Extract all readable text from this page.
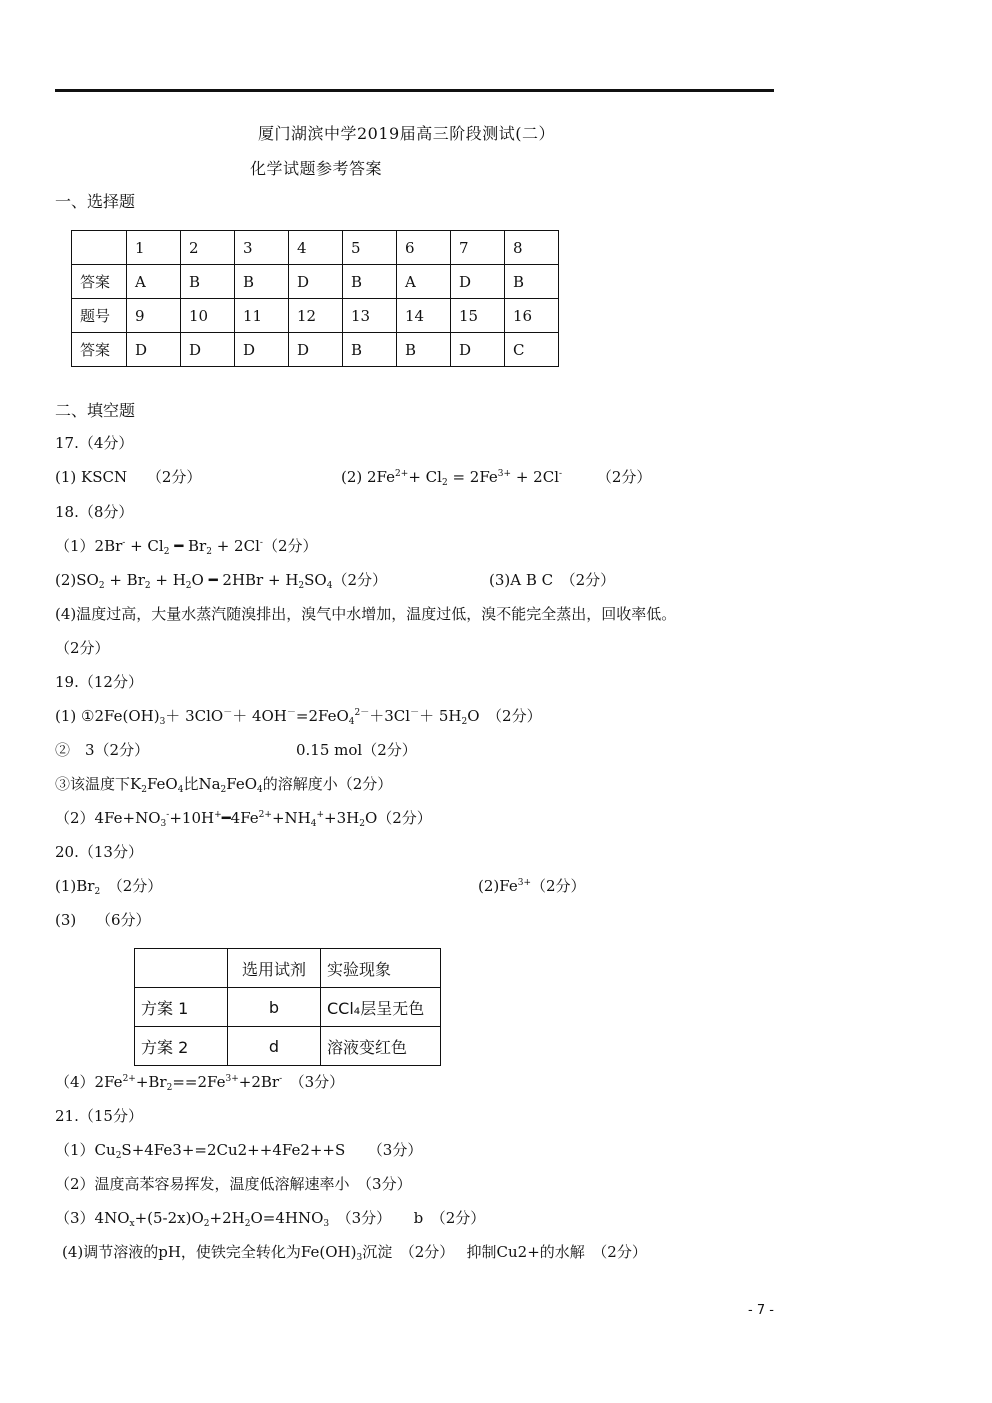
厦门湖滨中学2019届高三阶段测试(二）
化学试题参考答案
一、选择题
	1	2	3	4	5	6	7	8
答案	A	B	B	D	B	A	D	B
题号	9	10	11	12	13	14	15	16
答案	D	D	D	D	B	B	D	C
二、填空题
17.（4分）
(1) KSCN　 （2分）	(2) $2Fe^{2+}+ Cl_2 = 2Fe^{3+} + 2Cl^-$　　 （2分）
18.（8分）
$(1)2Br^- + Cl_2$ ━ $Br_2 + 2Cl^-(2$分）
$(2)SO_2 + Br_2 + H_2O$ ━ $2HBr + H_2SO_4(2$分）	(3)A B C　（2分）
(4)温度过高，大量水蒸汽随溴排出，溴气中水增加，温度过低，溴不能完全蒸出，回收率低。
（2分）
19.（12分）
(1) $①2Fe(OH)_3+ 3ClO^-+ 4OH^-=2FeO_4^{2-}+3Cl^-+ 5H_2O$　（2分）
②　3（2分）	0.15 mol（2分）
③该温度下$K_2FeO_4$比$Na_2FeO_4$的溶解度小（2分）
$(2)4Fe+NO_3^-+10H^+━4Fe^{2+}+NH_4^++3H_2O(2$分）
20.（13分）
$(1)Br_2$　（2分）	$(2)Fe^{3+}(2$分）
(3)　 （6分）
	选用试剂	实验现象
方案 1	b	CCl₄层呈无色
方案 2	d	溶液变红色
$(4)2Fe^{2+}+Br_2==2Fe^{3+}+2Br^-$　（3分）
21.（15分）
$(1)Cu_2S+4Fe3+=2Cu2++4Fe2++S$　　（3分）
（2）温度高苯容易挥发，温度低溶解速率小　（3分）
$(3)4NO_x+(5-2x)O_2+2H_2O=4HNO_3$　（3分）　　b　（2分）
(4)调节溶液的pH，使铁完全转化为$Fe(OH)_3$沉淀　（2分）　 抑制Cu2+的水解　（2分）
- 7 -
